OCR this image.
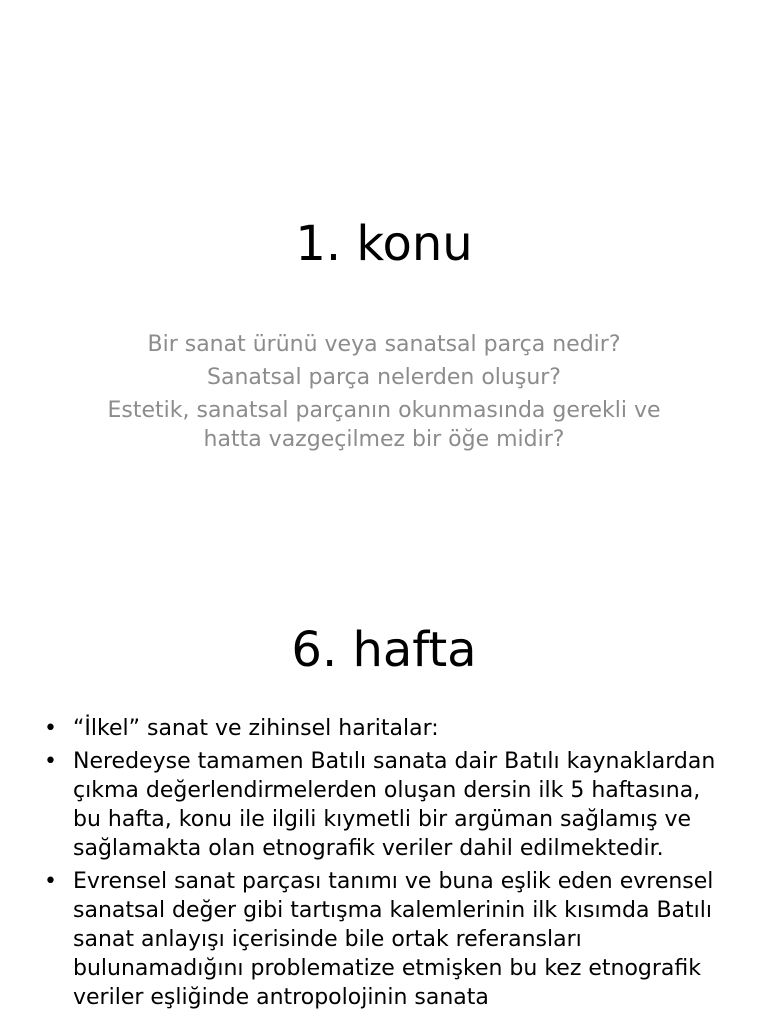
1. konu

Bir sanat ürünü veya sanatsal parça nedir?

Sanatsal parça nelerden oluşur?

Estetik, sanatsal parçanın okunmasında gerekli ve hatta vazgeçilmez bir öğe midir?

6. hafta
• “İlkel” sanat ve zihinsel haritalar:
• Neredeyse tamamen Batılı sanata dair Batılı kaynaklardan çıkma değerlendirmelerden oluşan dersin ilk 5 haftasına, bu hafta, konu ile ilgili kıymetli bir argüman sağlamış ve sağlamakta olan etnografik veriler dahil edilmektedir.
• Evrensel sanat parçası tanımı ve buna eşlik eden evrensel sanatsal değer gibi tartışma kalemlerinin ilk kısımda Batılı sanat anlayışı içerisinde bile ortak referansları bulunamadığını problematize etmişken bu kez etnografik veriler eşliğinde antropolojinin sanata
